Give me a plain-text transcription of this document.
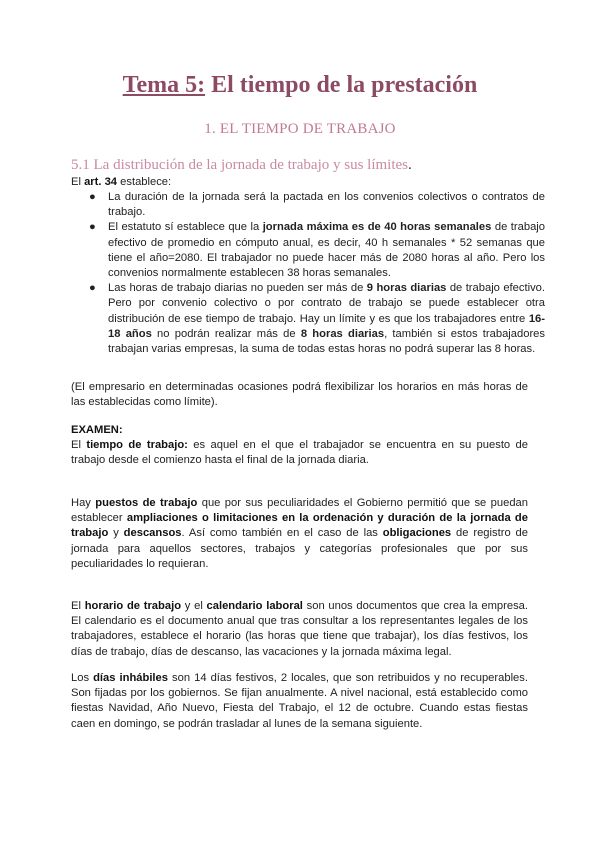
Tema 5: El tiempo de la prestación
1. EL TIEMPO DE TRABAJO
5.1 La distribución de la jornada de trabajo y sus límites.
El art. 34 establece:
● La duración de la jornada será la pactada en los convenios colectivos o contratos de trabajo.
● El estatuto sí establece que la jornada máxima es de 40 horas semanales de trabajo efectivo de promedio en cómputo anual, es decir, 40 h semanales * 52 semanas que tiene el año=2080. El trabajador no puede hacer más de 2080 horas al año. Pero los convenios normalmente establecen 38 horas semanales.
● Las horas de trabajo diarias no pueden ser más de 9 horas diarias de trabajo efectivo. Pero por convenio colectivo o por contrato de trabajo se puede establecer otra distribución de ese tiempo de trabajo. Hay un límite y es que los trabajadores entre 16-18 años no podrán realizar más de 8 horas diarias, también si estos trabajadores trabajan varias empresas, la suma de todas estas horas no podrá superar las 8 horas.
(El empresario en determinadas ocasiones podrá flexibilizar los horarios en más horas de las establecidas como límite).
EXAMEN:
El tiempo de trabajo: es aquel en el que el trabajador se encuentra en su puesto de trabajo desde el comienzo hasta el final de la jornada diaria.
Hay puestos de trabajo que por sus peculiaridades el Gobierno permitió que se puedan establecer ampliaciones o limitaciones en la ordenación y duración de la jornada de trabajo y descansos. Así como también en el caso de las obligaciones de registro de jornada para aquellos sectores, trabajos y categorías profesionales que por sus peculiaridades lo requieran.
El horario de trabajo y el calendario laboral son unos documentos que crea la empresa. El calendario es el documento anual que tras consultar a los representantes legales de los trabajadores, establece el horario (las horas que tiene que trabajar), los días festivos, los días de trabajo, días de descanso, las vacaciones y la jornada máxima legal.
Los días inhábiles son 14 días festivos, 2 locales, que son retribuidos y no recuperables. Son fijadas por los gobiernos. Se fijan anualmente. A nivel nacional, está establecido como fiestas Navidad, Año Nuevo, Fiesta del Trabajo, el 12 de octubre. Cuando estas fiestas caen en domingo, se podrán trasladar al lunes de la semana siguiente.
